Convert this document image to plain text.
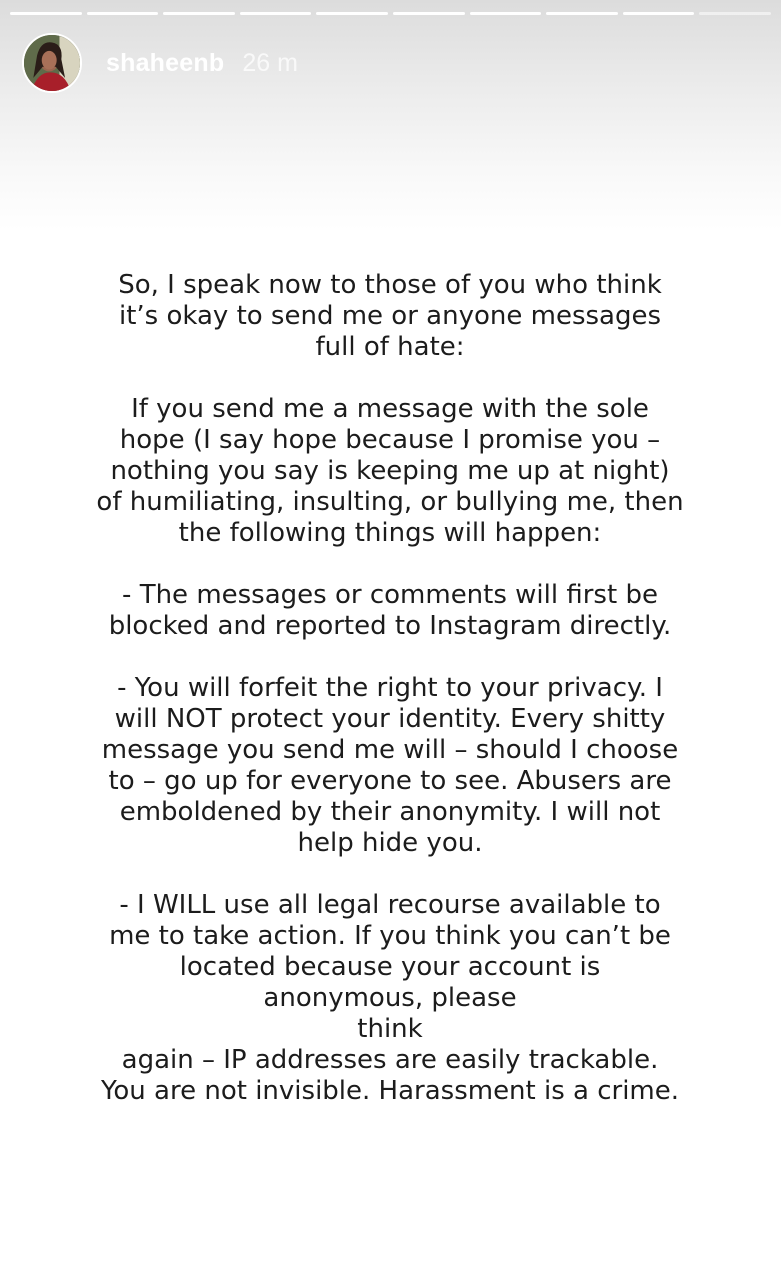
shaheenb 26 m

So, I speak now to those of you who think
it’s okay to send me or anyone messages
full of hate:

If you send me a message with the sole
hope (I say hope because I promise you –
nothing you say is keeping me up at night)
of humiliating, insulting, or bullying me, then
the following things will happen:

- The messages or comments will first be
blocked and reported to Instagram directly.

- You will forfeit the right to your privacy. I
will NOT protect your identity. Every shitty
message you send me will – should I choose
to – go up for everyone to see. Abusers are
emboldened by their anonymity. I will not
help hide you.

- I WILL use all legal recourse available to
me to take action. If you think you can’t be
located because your account is
anonymous, please
think
again – IP addresses are easily trackable.
You are not invisible. Harassment is a crime.
